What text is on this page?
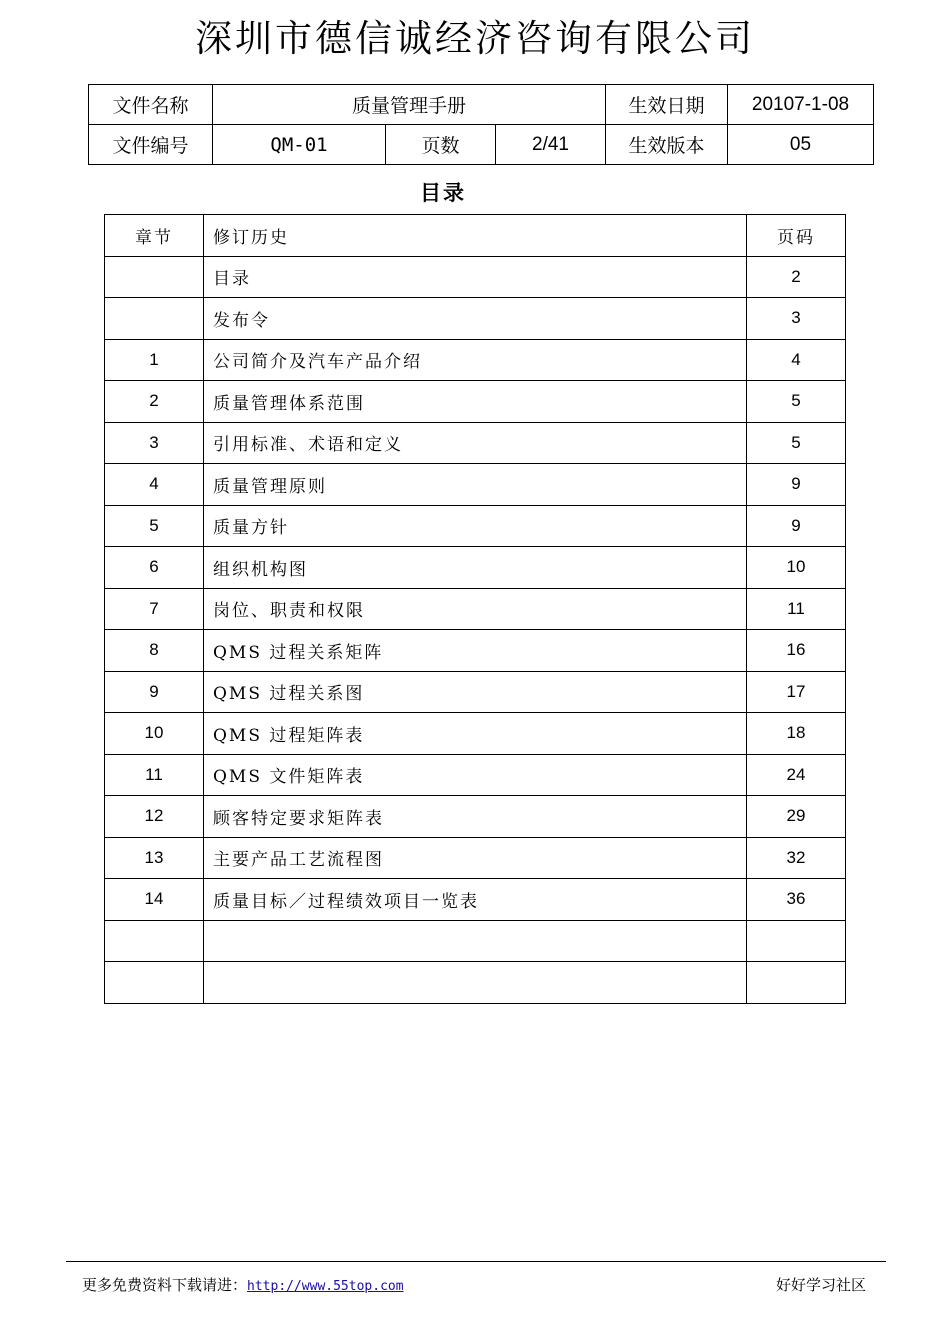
深圳市德信诚经济咨询有限公司
文件名称	质量管理手册			生效日期	20107-1-08
文件编号	QM-01	页数	2/41	生效版本	05
目录
章节	修订历史	页码
	目录	2
	发布令	3
1	公司简介及汽车产品介绍	4
2	质量管理体系范围	5
3	引用标准、术语和定义	5
4	质量管理原则	9
5	质量方针	9
6	组织机构图	10
7	岗位、职责和权限	11
8	QMS 过程关系矩阵	16
9	QMS 过程关系图	17
10	QMS 过程矩阵表	18
11	QMS 文件矩阵表	24
12	顾客特定要求矩阵表	29
13	主要产品工艺流程图	32
14	质量目标／过程绩效项目一览表	36

更多免费资料下载请进：http://www.55top.com	好好学习社区
